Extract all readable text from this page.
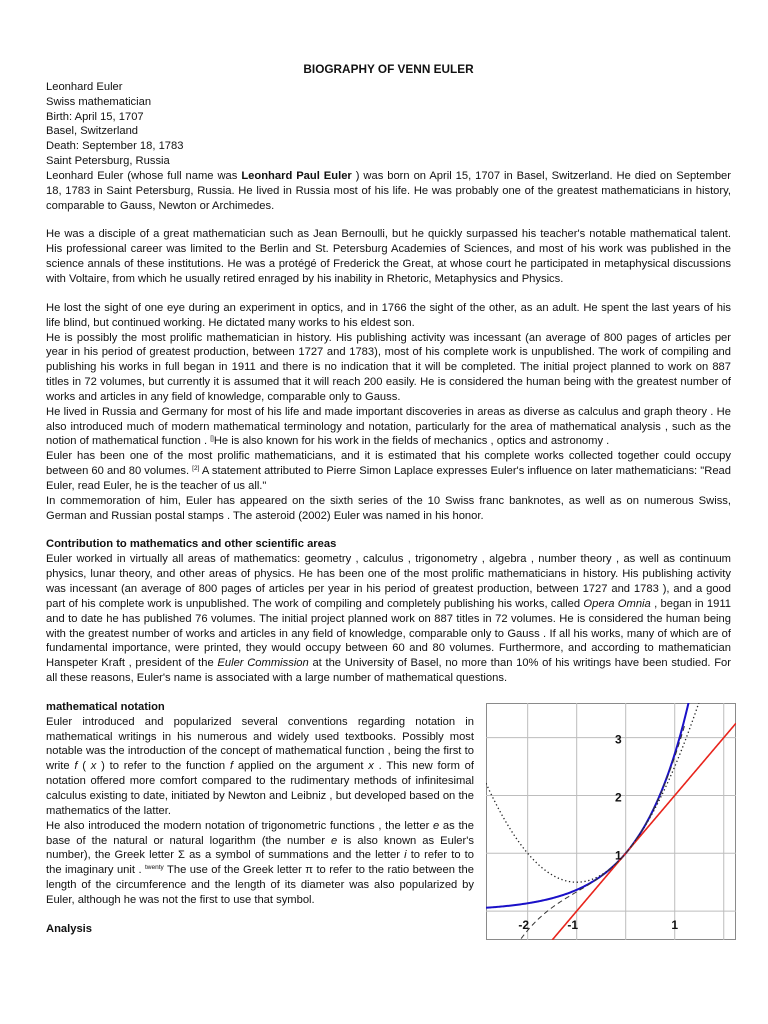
BIOGRAPHY OF VENN EULER
Leonhard Euler
Swiss mathematician
Birth: April 15, 1707
Basel, Switzerland
Death: September 18, 1783
Saint Petersburg, Russia

Leonhard Euler (whose full name was Leonhard Paul Euler ) was born on April 15, 1707 in Basel, Switzerland. He died on September 18, 1783 in Saint Petersburg, Russia. He lived in Russia most of his life. He was probably one of the greatest mathematicians in history, comparable to Gauss, Newton or Archimedes.

He was a disciple of a great mathematician such as Jean Bernoulli, but he quickly surpassed his teacher's notable mathematical talent. His professional career was limited to the Berlin and St. Petersburg Academies of Sciences, and most of his work was published in the science annals of these institutions. He was a protégé of Frederick the Great, at whose court he participated in metaphysical discussions with Voltaire, from which he usually retired enraged by his inability in Rhetoric, Metaphysics and Physics.

He lost the sight of one eye during an experiment in optics, and in 1766 the sight of the other, as an adult. He spent the last years of his life blind, but continued working. He dictated many works to his eldest son.

He is possibly the most prolific mathematician in history. His publishing activity was incessant (an average of 800 pages of articles per year in his period of greatest production, between 1727 and 1783), most of his complete work is unpublished. The work of compiling and publishing his works in full began in 1911 and there is no indication that it will be completed. The initial project planned to work on 887 titles in 72 volumes, but currently it is assumed that it will reach 200 easily. He is considered the human being with the greatest number of works and articles in any field of knowledge, comparable only to Gauss.

He lived in Russia and Germany for most of his life and made important discoveries in areas as diverse as calculus and graph theory . He also introduced much of modern mathematical terminology and notation, particularly for the area of mathematical analysis , such as the notion of mathematical function . []He is also known for his work in the fields of mechanics , optics and astronomy .

Euler has been one of the most prolific mathematicians, and it is estimated that his complete works collected together could occupy between 60 and 80 volumes. [2] A statement attributed to Pierre Simon Laplace expresses Euler's influence on later mathematicians: "Read Euler, read Euler, he is the teacher of us all."

In commemoration of him, Euler has appeared on the sixth series of the 10 Swiss franc banknotes, as well as on numerous Swiss, German and Russian postal stamps . The asteroid (2002) Euler was named in his honor.

Contribution to mathematics and other scientific areas

Euler worked in virtually all areas of mathematics: geometry , calculus , trigonometry , algebra , number theory , as well as continuum physics, lunar theory, and other areas of physics. He has been one of the most prolific mathematicians in history. His publishing activity was incessant (an average of 800 pages of articles per year in his period of greatest production, between 1727 and 1783 ), and a good part of his complete work is unpublished. The work of compiling and completely publishing his works, called Opera Omnia , began in 1911 and to date he has published 76 volumes. The initial project planned work on 887 titles in 72 volumes. He is considered the human being with the greatest number of works and articles in any field of knowledge, comparable only to Gauss . If all his works, many of which are of fundamental importance, were printed, they would occupy between 60 and 80 volumes. Furthermore, and according to mathematician Hanspeter Kraft , president of the Euler Commission at the University of Basel, no more than 10% of his writings have been studied. For all these reasons, Euler's name is associated with a large number of mathematical questions.

mathematical notation

Euler introduced and popularized several conventions regarding notation in mathematical writings in his numerous and widely used textbooks. Possibly most notable was the introduction of the concept of mathematical function , being the first to write f ( x ) to refer to the function f applied on the argument x . This new form of notation offered more comfort compared to the rudimentary methods of infinitesimal calculus existing to date, initiated by Newton and Leibniz , but developed based on the mathematics of the latter.

He also introduced the modern notation of trigonometric functions , the letter e as the base of the natural or natural logarithm (the number e is also known as Euler's number), the Greek letter Σ as a symbol of summations and the letter i to refer to to the imaginary unit . $^{twenty}$ The use of the Greek letter π to refer to the ratio between the length of the circumference and the length of its diameter was also popularized by Euler, although he was not the first to use that symbol.

Analysis	-2	-1	1
1
2
3
